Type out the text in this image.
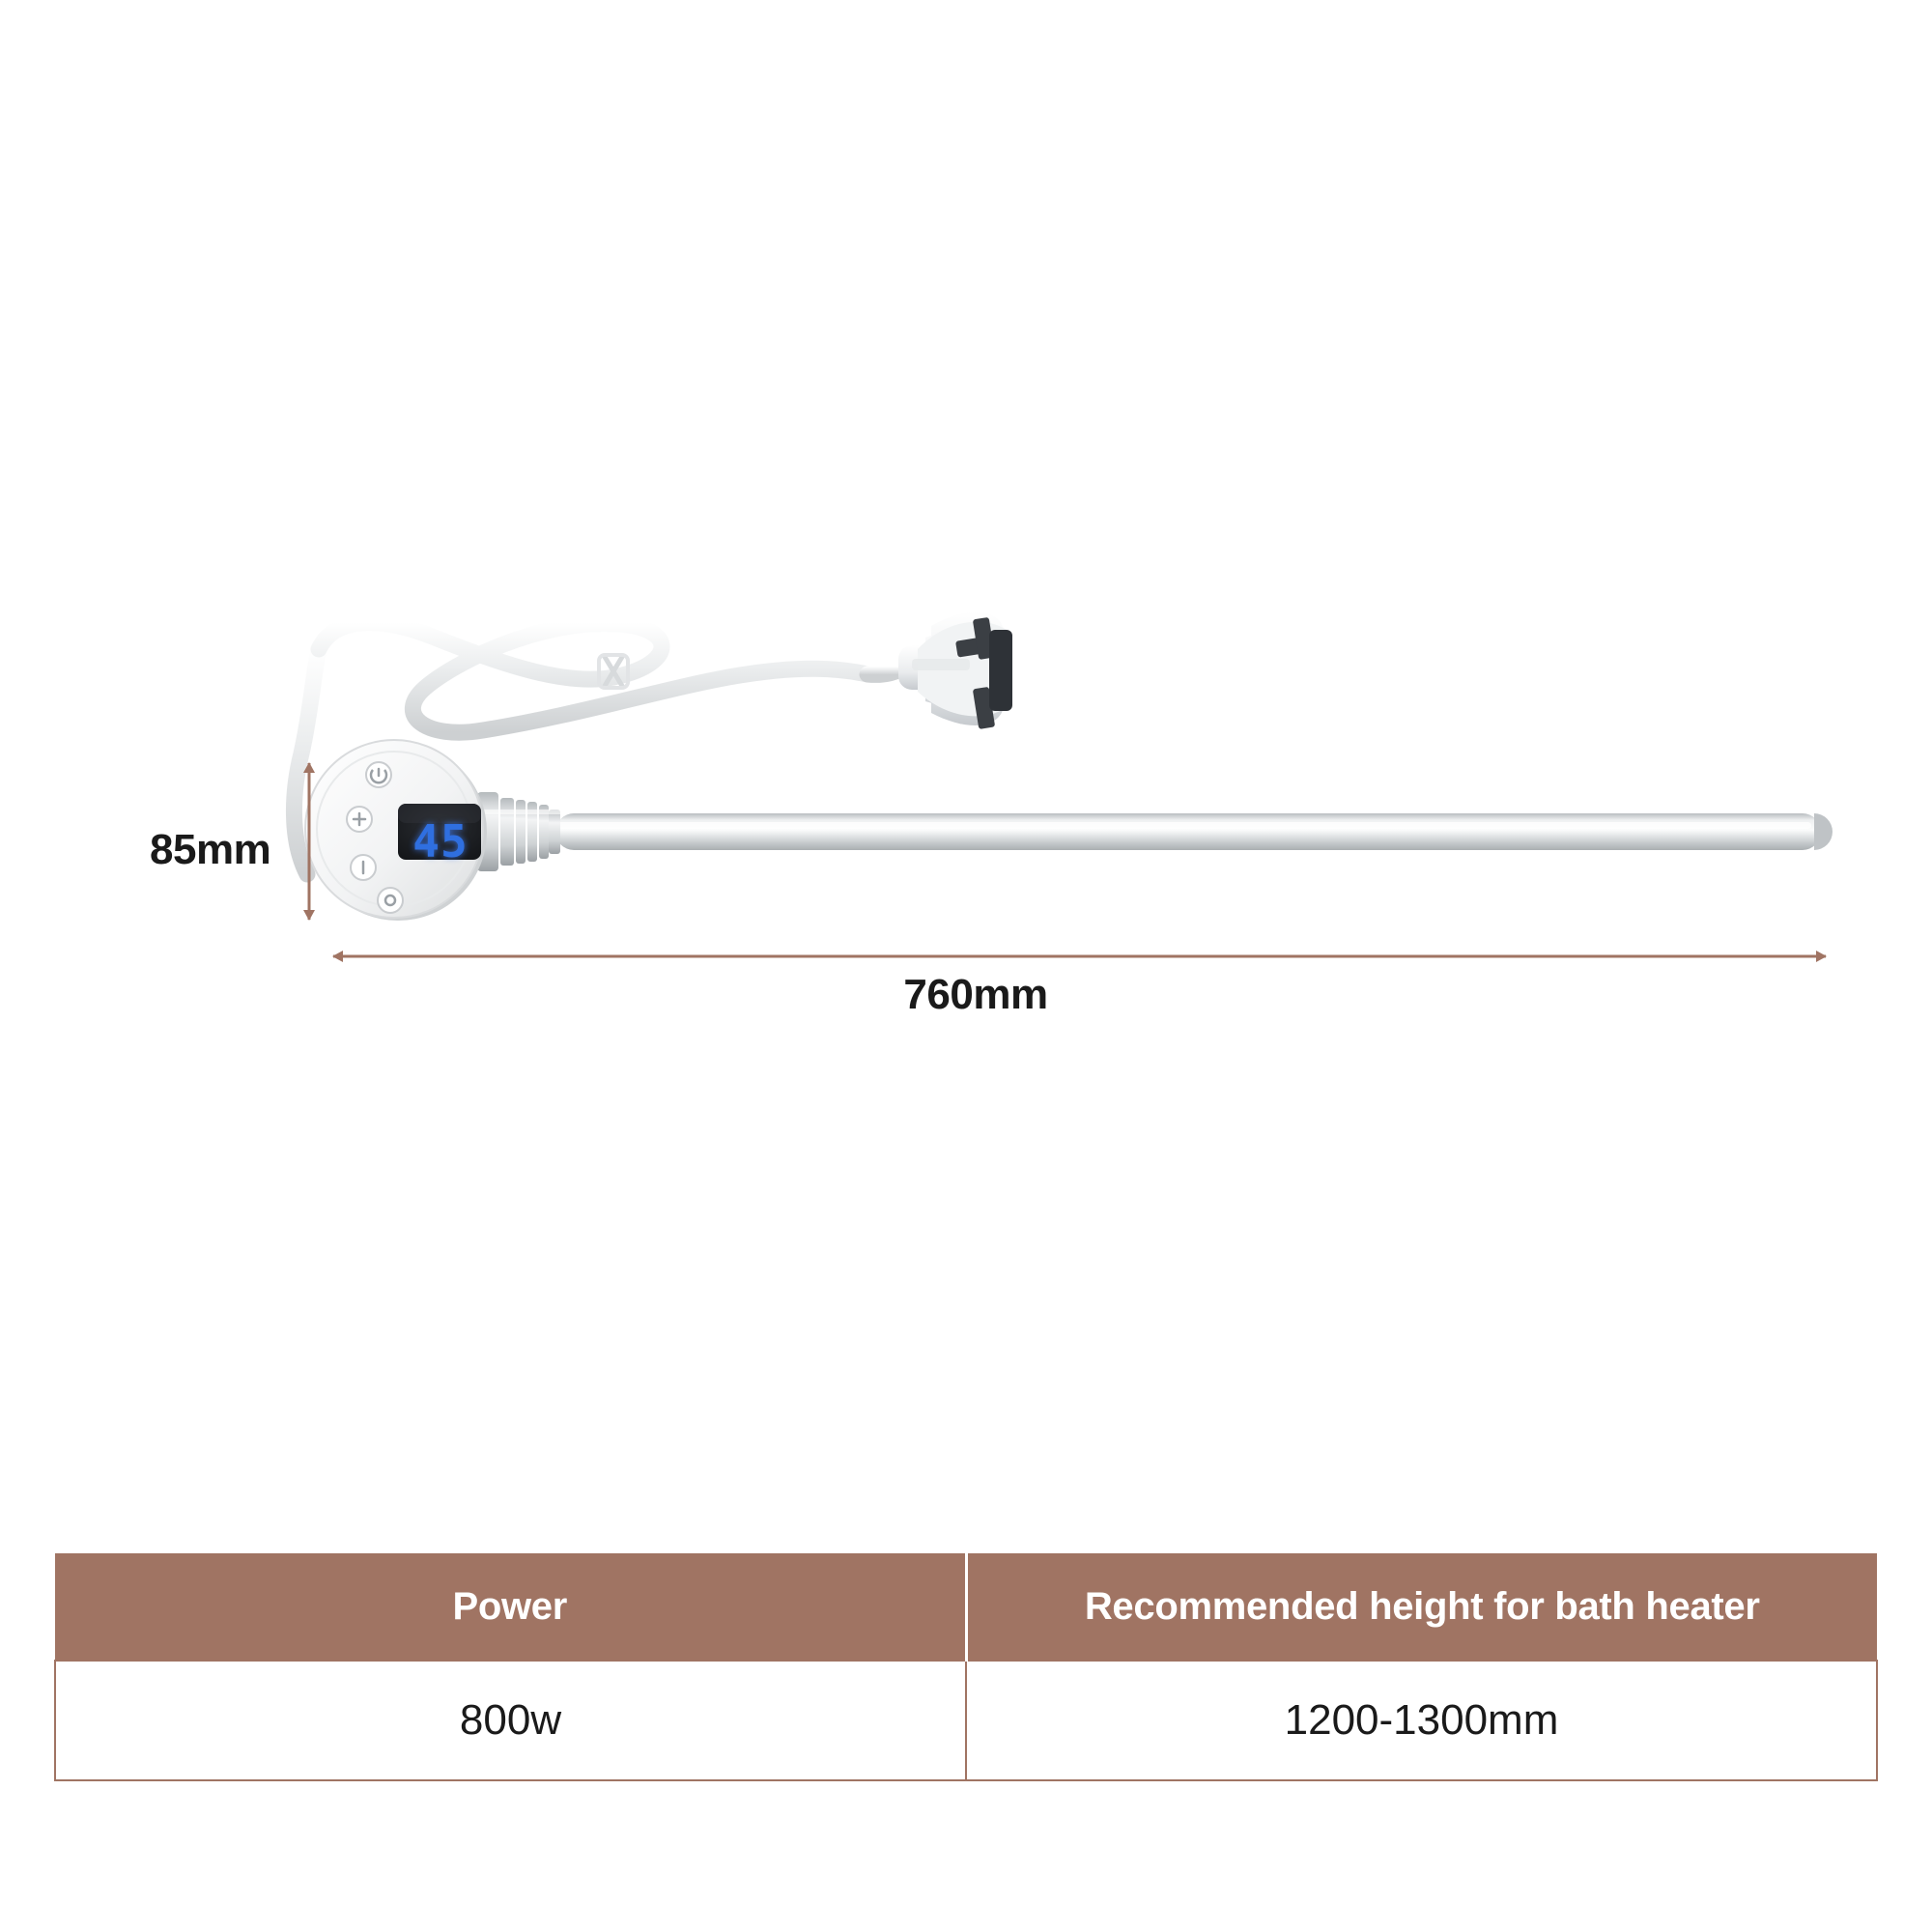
45
85mm
760mm
Power	Recommended height for bath heater
800w	1200-1300mm
